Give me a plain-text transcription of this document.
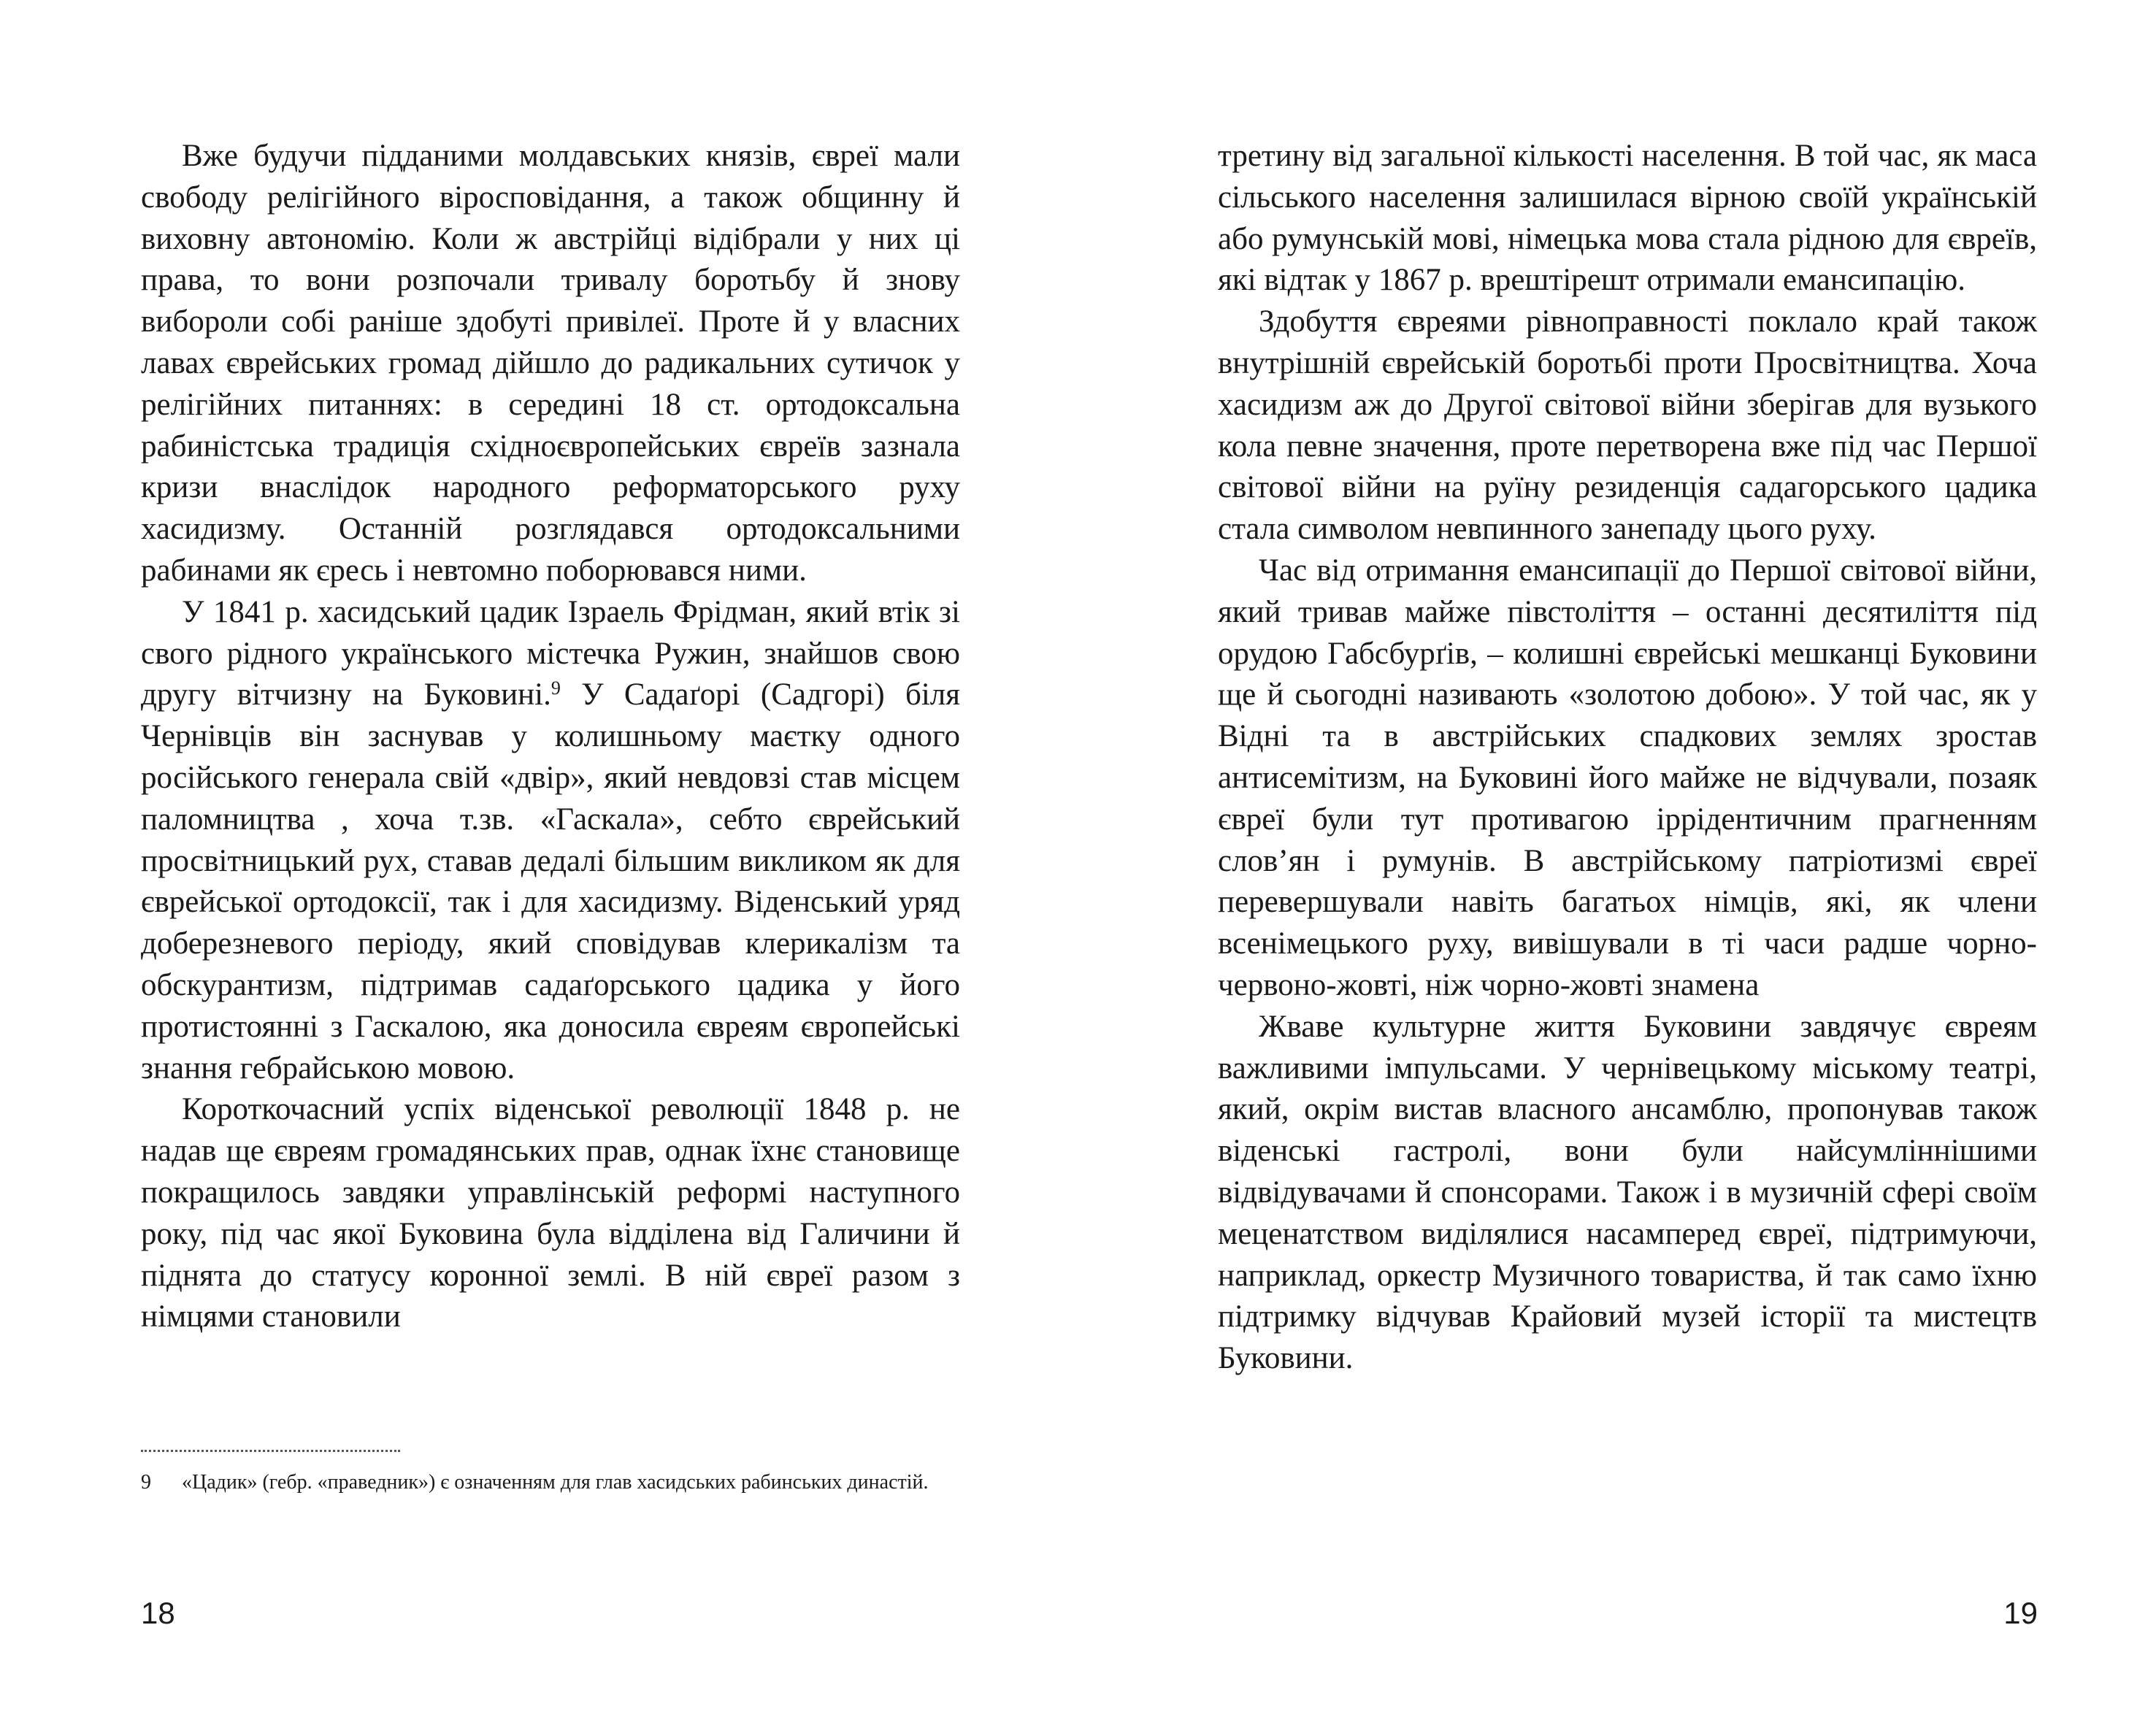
Вже будучи підданими молдавських князів, євреї мали свободу релігійного віросповідання, а також общинну й виховну автономію. Коли ж австрійці відібрали у них ці права, то вони розпочали тривалу боротьбу й знову вибороли собі раніше здобуті привілеї. Проте й у власних лавах єврейських громад дійшло до радикальних сутичок у релігійних питаннях: в середині 18 ст. ортодоксальна рабиністська традиція східноєвропейських євреїв зазнала кризи внаслідок народного реформаторського руху хасидизму. Останній розглядався ортодоксальними рабинами як єресь і невтомно поборювався ними.

У 1841 р. хасидський цадик Ізраель Фрідман, який втік зі свого рідного українського містечка Ружин, знайшов свою другу вітчизну на Буковині.$^9$ У Садаґорі (Садгорі) біля Чернівців він заснував у колишньому маєтку одного російського генерала свій «двір», який невдовзі став місцем паломництва , хоча т.зв. «Гаскала», себто єврейський просвітницький рух, ставав дедалі більшим викликом як для єврейської ортодоксії, так і для хасидизму. Віденський уряд доберезневого періоду, який сповідував клерикалізм та обскурантизм, підтримав садаґорського цадика у його протистоянні з Гаскалою, яка доносила євреям європейські знання гебрайською мовою.

Короткочасний успіх віденської революції 1848 р. не надав ще євреям громадянських прав, однак їхнє становище покращилось завдяки управлінській реформі наступного року, під час якої Буковина була відділена від Галичини й піднята до статусу коронної землі. В ній євреї разом з німцями становили

9	«Цадик» (гебр. «праведник») є означенням для глав хасидських рабинських династій.
18

третину від загальної кількості населення. В той час, як маса сільського населення залишилася вірною своїй українській або румунській мові, німецька мова стала рідною для євреїв, які відтак у 1867 р. врештірешт отримали емансипацію.

Здобуття євреями рівноправності поклало край також внутрішній єврейській боротьбі проти Просвітництва. Хоча хасидизм аж до Другої світової війни зберігав для вузького кола певне значення, проте перетворена вже під час Першої світової війни на руїну резиденція садагорського цадика стала символом невпинного занепаду цього руху.

Час від отримання емансипації до Першої світової війни, який тривав майже півстоліття – останні десятиліття під орудою Габсбурґів, – колишні єврейські мешканці Буковини ще й сьогодні називають «золотою добою». У той час, як у Відні та в австрійських спадкових землях зростав антисемітизм, на Буковині його майже не відчували, позаяк євреї були тут противагою іррідентичним прагненням слов’ян і румунів. В австрійському патріотизмі євреї перевершували навіть багатьох німців, які, як члени всенімецького руху, вивішували в ті часи радше чорно-червоно-жовті, ніж чорно-жовті знамена

Жваве культурне життя Буковини завдячує євреям важливими імпульсами. У чернівецькому міському театрі, який, окрім вистав власного ансамблю, пропонував також віденські гастролі, вони були найсумліннішими відвідувачами й спонсорами. Також і в музичній сфері своїм меценатством виділялися насамперед євреї, підтримуючи, наприклад, оркестр Музичного товариства, й так само їхню підтримку відчував Крайовий музей історії та мистецтв Буковини.

19
